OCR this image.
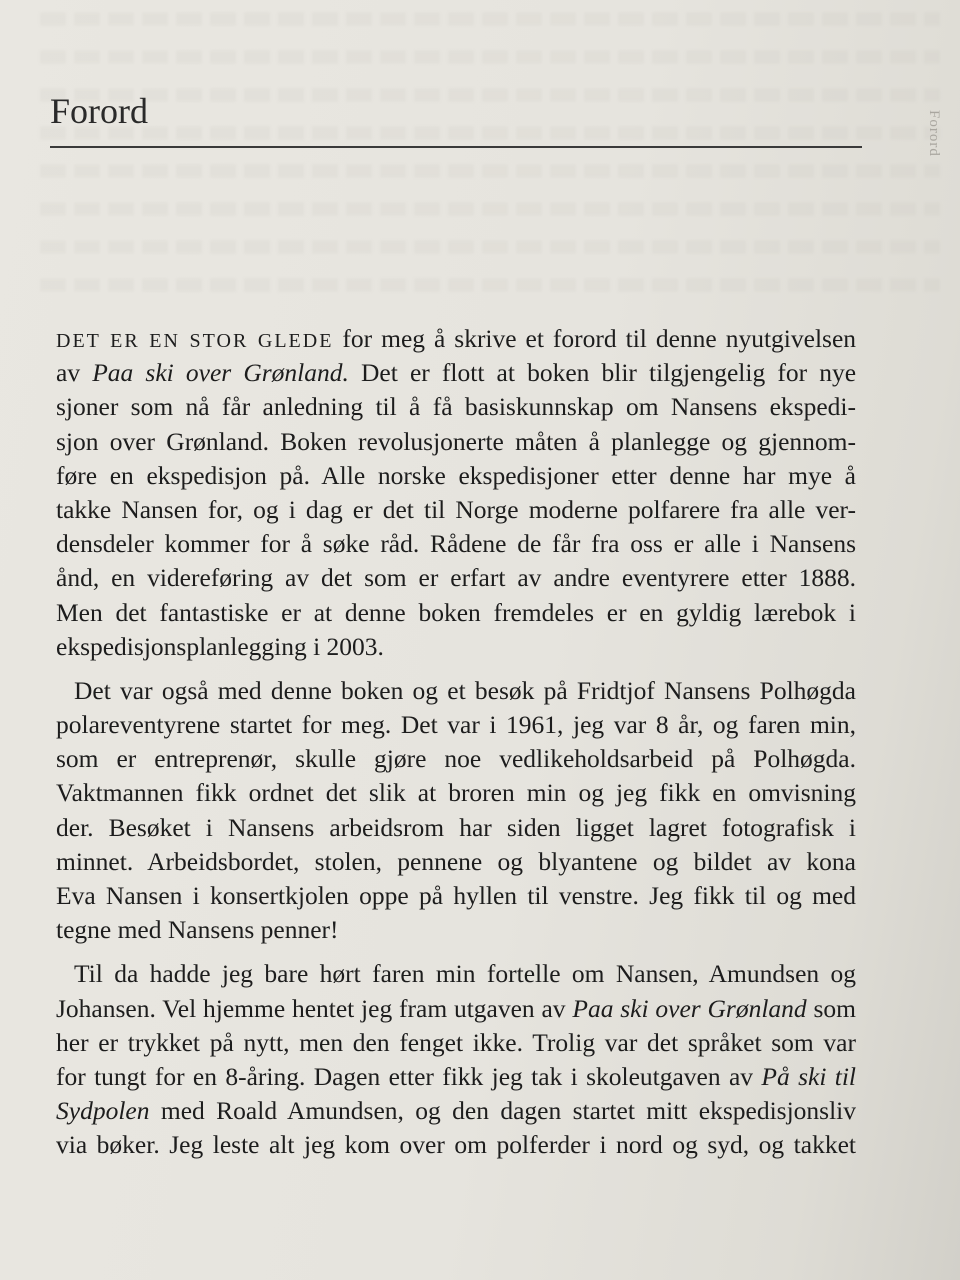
Forord
Forord
DET ER EN STOR GLEDE for meg å skrive et forord til denne nyutgivelsen
av Paa ski over Grønland. Det er flott at boken blir tilgjengelig for nye
sjoner som nå får anledning til å få basiskunnskap om Nansens ekspedi-
sjon over Grønland. Boken revolusjonerte måten å planlegge og gjennom-
føre en ekspedisjon på. Alle norske ekspedisjoner etter denne har mye å
takke Nansen for, og i dag er det til Norge moderne polfarere fra alle ver-
densdeler kommer for å søke råd. Rådene de får fra oss er alle i Nansens
ånd, en videreføring av det som er erfart av andre eventyrere etter 1888.
Men det fantastiske er at denne boken fremdeles er en gyldig lærebok i
ekspedisjonsplanlegging i 2003.
Det var også med denne boken og et besøk på Fridtjof Nansens Polhøgda
polareventyrene startet for meg. Det var i 1961, jeg var 8 år, og faren min,
som er entreprenør, skulle gjøre noe vedlikeholdsarbeid på Polhøgda.
Vaktmannen fikk ordnet det slik at broren min og jeg fikk en omvisning
der. Besøket i Nansens arbeidsrom har siden ligget lagret fotografisk i
minnet. Arbeidsbordet, stolen, pennene og blyantene og bildet av kona
Eva Nansen i konsertkjolen oppe på hyllen til venstre. Jeg fikk til og med
tegne med Nansens penner!
Til da hadde jeg bare hørt faren min fortelle om Nansen, Amundsen og
Johansen. Vel hjemme hentet jeg fram utgaven av Paa ski over Grønland som
her er trykket på nytt, men den fenget ikke. Trolig var det språket som var
for tungt for en 8-åring. Dagen etter fikk jeg tak i skoleutgaven av På ski til
Sydpolen med Roald Amundsen, og den dagen startet mitt ekspedisjonsliv
via bøker. Jeg leste alt jeg kom over om polferder i nord og syd, og takket
